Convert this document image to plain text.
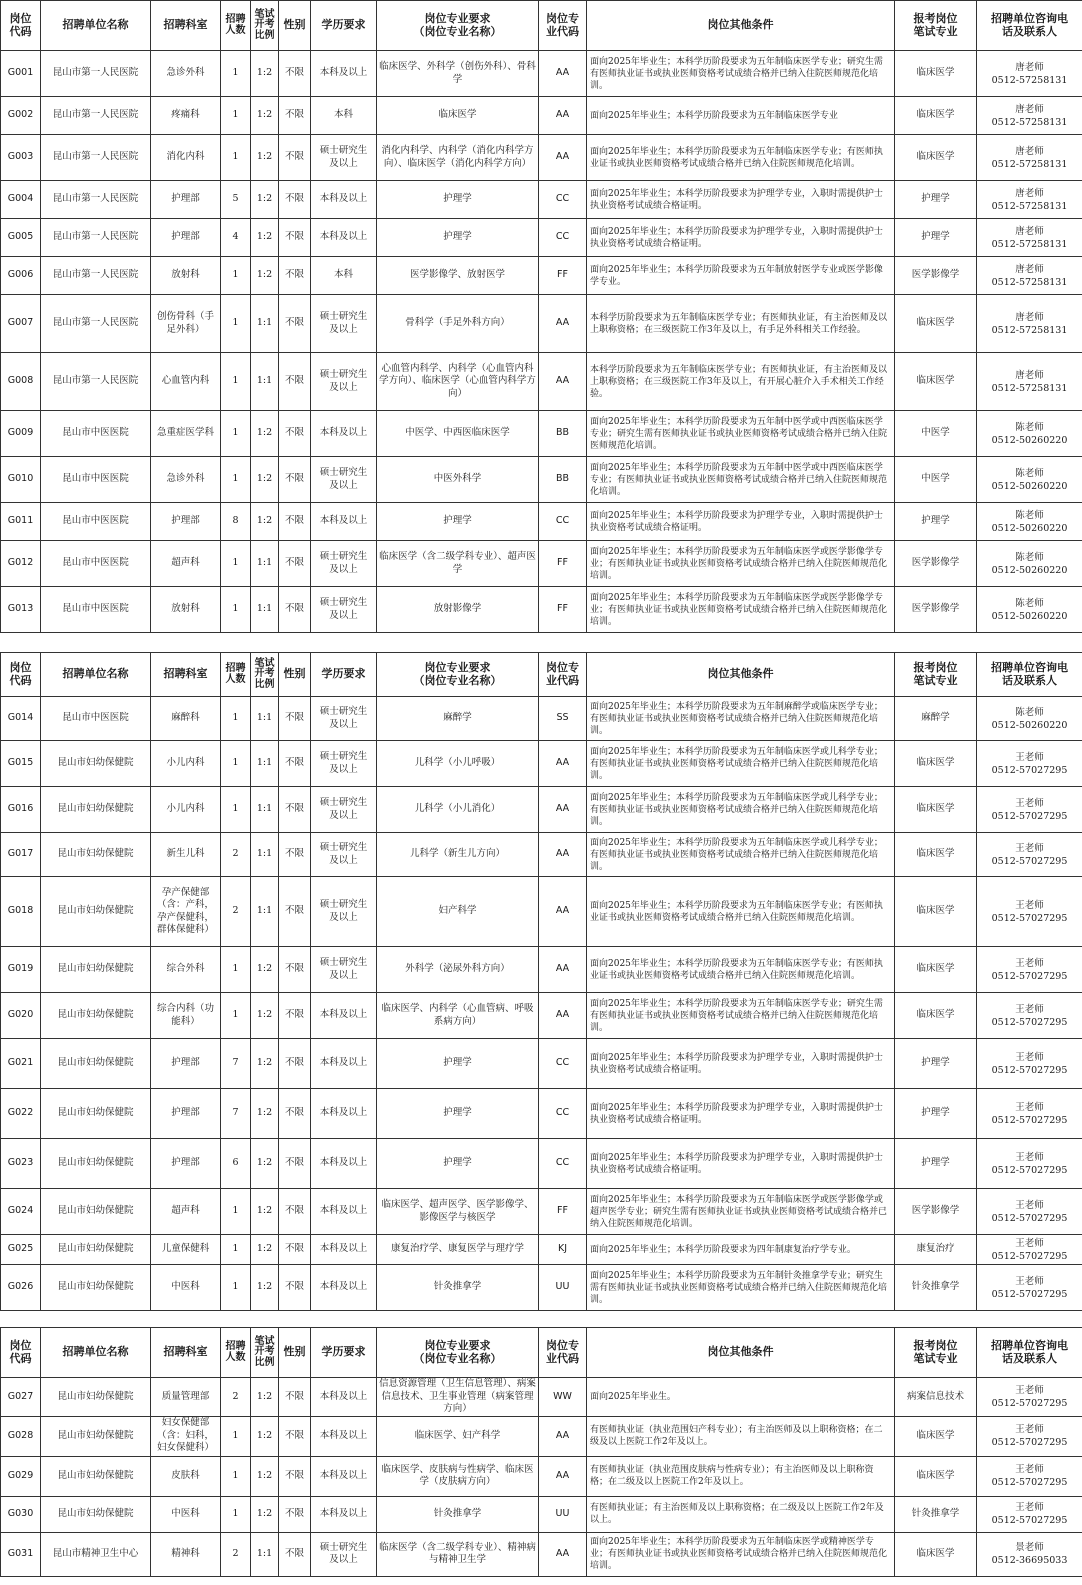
岗位
代码	招聘单位名称	招聘科室	招聘
人数	笔试
开考
比例	性别	学历要求	岗位专业要求
（岗位专业名称）	岗位专
业代码	岗位其他条件	报考岗位
笔试专业	招聘单位咨询电
话及联系人
G001	昆山市第一人民医院	急诊外科	1	1:2	不限	本科及以上	临床医学、外科学（创伤外科）、骨科学	AA	面向2025年毕业生；本科学历阶段要求为五年制临床医学专业；研究生需有医师执业证书或执业医师资格考试成绩合格并已纳入住院医师规范化培训。	临床医学	唐老师
0512-57258131
G002	昆山市第一人民医院	疼痛科	1	1:2	不限	本科	临床医学	AA	面向2025年毕业生；本科学历阶段要求为五年制临床医学专业	临床医学	唐老师
0512-57258131
G003	昆山市第一人民医院	消化内科	1	1:2	不限	硕士研究生
及以上	消化内科学、内科学（消化内科学方向）、临床医学（消化内科学方向）	AA	面向2025年毕业生；本科学历阶段要求为五年制临床医学专业；有医师执业证书或执业医师资格考试成绩合格并已纳入住院医师规范化培训。	临床医学	唐老师
0512-57258131
G004	昆山市第一人民医院	护理部	5	1:2	不限	本科及以上	护理学	CC	面向2025年毕业生；本科学历阶段要求为护理学专业，入职时需提供护士执业资格考试成绩合格证明。	护理学	唐老师
0512-57258131
G005	昆山市第一人民医院	护理部	4	1:2	不限	本科及以上	护理学	CC	面向2025年毕业生；本科学历阶段要求为护理学专业，入职时需提供护士执业资格考试成绩合格证明。	护理学	唐老师
0512-57258131
G006	昆山市第一人民医院	放射科	1	1:2	不限	本科	医学影像学、放射医学	FF	面向2025年毕业生；本科学历阶段要求为五年制放射医学专业或医学影像学专业。	医学影像学	唐老师
0512-57258131
G007	昆山市第一人民医院	创伤骨科（手足外科）	1	1:1	不限	硕士研究生
及以上	骨科学（手足外科方向）	AA	本科学历阶段要求为五年制临床医学专业；有医师执业证，有主治医师及以上职称资格；在三级医院工作3年及以上，有手足外科相关工作经验。	临床医学	唐老师
0512-57258131
G008	昆山市第一人民医院	心血管内科	1	1:1	不限	硕士研究生
及以上	心血管内科学、内科学（心血管内科学方向）、临床医学（心血管内科学方向）	AA	本科学历阶段要求为五年制临床医学专业；有医师执业证，有主治医师及以上职称资格；在三级医院工作3年及以上，有开展心脏介入手术相关工作经验。	临床医学	唐老师
0512-57258131
G009	昆山市中医医院	急重症医学科	1	1:2	不限	本科及以上	中医学、中西医临床医学	BB	面向2025年毕业生；本科学历阶段要求为五年制中医学或中西医临床医学专业；研究生需有医师执业证书或执业医师资格考试成绩合格并已纳入住院医师规范化培训。	中医学	陈老师
0512-50260220
G010	昆山市中医医院	急诊外科	1	1:2	不限	硕士研究生
及以上	中医外科学	BB	面向2025年毕业生；本科学历阶段要求为五年制中医学或中西医临床医学专业；有医师执业证书或执业医师资格考试成绩合格并已纳入住院医师规范化培训。	中医学	陈老师
0512-50260220
G011	昆山市中医医院	护理部	8	1:2	不限	本科及以上	护理学	CC	面向2025年毕业生；本科学历阶段要求为护理学专业，入职时需提供护士执业资格考试成绩合格证明。	护理学	陈老师
0512-50260220
G012	昆山市中医医院	超声科	1	1:1	不限	硕士研究生
及以上	临床医学（含二级学科专业）、超声医学	FF	面向2025年毕业生；本科学历阶段要求为五年制临床医学或医学影像学专业；有医师执业证书或执业医师资格考试成绩合格并已纳入住院医师规范化培训。	医学影像学	陈老师
0512-50260220
G013	昆山市中医医院	放射科	1	1:1	不限	硕士研究生
及以上	放射影像学	FF	面向2025年毕业生；本科学历阶段要求为五年制临床医学或医学影像学专业；有医师执业证书或执业医师资格考试成绩合格并已纳入住院医师规范化培训。	医学影像学	陈老师
0512-50260220
岗位
代码	招聘单位名称	招聘科室	招聘
人数	笔试
开考
比例	性别	学历要求	岗位专业要求
（岗位专业名称）	岗位专
业代码	岗位其他条件	报考岗位
笔试专业	招聘单位咨询电
话及联系人
G014	昆山市中医医院	麻醉科	1	1:1	不限	硕士研究生
及以上	麻醉学	SS	面向2025年毕业生；本科学历阶段要求为五年制麻醉学或临床医学专业；有医师执业证书或执业医师资格考试成绩合格并已纳入住院医师规范化培训。	麻醉学	陈老师
0512-50260220
G015	昆山市妇幼保健院	小儿内科	1	1:1	不限	硕士研究生
及以上	儿科学（小儿呼吸）	AA	面向2025年毕业生；本科学历阶段要求为五年制临床医学或儿科学专业；有医师执业证书或执业医师资格考试成绩合格并已纳入住院医师规范化培训。	临床医学	王老师
0512-57027295
G016	昆山市妇幼保健院	小儿内科	1	1:1	不限	硕士研究生
及以上	儿科学（小儿消化）	AA	面向2025年毕业生；本科学历阶段要求为五年制临床医学或儿科学专业；有医师执业证书或执业医师资格考试成绩合格并已纳入住院医师规范化培训。	临床医学	王老师
0512-57027295
G017	昆山市妇幼保健院	新生儿科	2	1:1	不限	硕士研究生
及以上	儿科学（新生儿方向）	AA	面向2025年毕业生；本科学历阶段要求为五年制临床医学或儿科学专业；有医师执业证书或执业医师资格考试成绩合格并已纳入住院医师规范化培训。	临床医学	王老师
0512-57027295
G018	昆山市妇幼保健院	孕产保健部（含：产科，孕产保健科，群体保健科）	2	1:1	不限	硕士研究生
及以上	妇产科学	AA	面向2025年毕业生；本科学历阶段要求为五年制临床医学专业；有医师执业证书或执业医师资格考试成绩合格并已纳入住院医师规范化培训。	临床医学	王老师
0512-57027295
G019	昆山市妇幼保健院	综合外科	1	1:2	不限	硕士研究生
及以上	外科学（泌尿外科方向）	AA	面向2025年毕业生；本科学历阶段要求为五年制临床医学专业；有医师执业证书或执业医师资格考试成绩合格并已纳入住院医师规范化培训。	临床医学	王老师
0512-57027295
G020	昆山市妇幼保健院	综合内科（功能科）	1	1:2	不限	本科及以上	临床医学、内科学（心血管病、呼吸系病方向）	AA	面向2025年毕业生；本科学历阶段要求为五年制临床医学专业；研究生需有医师执业证书或执业医师资格考试成绩合格并已纳入住院医师规范化培训。	临床医学	王老师
0512-57027295
G021	昆山市妇幼保健院	护理部	7	1:2	不限	本科及以上	护理学	CC	面向2025年毕业生；本科学历阶段要求为护理学专业，入职时需提供护士执业资格考试成绩合格证明。	护理学	王老师
0512-57027295
G022	昆山市妇幼保健院	护理部	7	1:2	不限	本科及以上	护理学	CC	面向2025年毕业生；本科学历阶段要求为护理学专业，入职时需提供护士执业资格考试成绩合格证明。	护理学	王老师
0512-57027295
G023	昆山市妇幼保健院	护理部	6	1:2	不限	本科及以上	护理学	CC	面向2025年毕业生；本科学历阶段要求为护理学专业，入职时需提供护士执业资格考试成绩合格证明。	护理学	王老师
0512-57027295
G024	昆山市妇幼保健院	超声科	1	1:2	不限	本科及以上	临床医学、超声医学、医学影像学、影像医学与核医学	FF	面向2025年毕业生；本科学历阶段要求为五年制临床医学或医学影像学或超声医学专业；研究生需有医师执业证书或执业医师资格考试成绩合格并已纳入住院医师规范化培训。	医学影像学	王老师
0512-57027295
G025	昆山市妇幼保健院	儿童保健科	1	1:2	不限	本科及以上	康复治疗学、康复医学与理疗学	KJ	面向2025年毕业生；本科学历阶段要求为四年制康复治疗学专业。	康复治疗	王老师
0512-57027295
G026	昆山市妇幼保健院	中医科	1	1:2	不限	本科及以上	针灸推拿学	UU	面向2025年毕业生；本科学历阶段要求为五年制针灸推拿学专业；研究生需有医师执业证书或执业医师资格考试成绩合格并已纳入住院医师规范化培训。	针灸推拿学	王老师
0512-57027295
岗位
代码	招聘单位名称	招聘科室	招聘
人数	笔试
开考
比例	性别	学历要求	岗位专业要求
（岗位专业名称）	岗位专
业代码	岗位其他条件	报考岗位
笔试专业	招聘单位咨询电
话及联系人
G027	昆山市妇幼保健院	质量管理部	2	1:2	不限	本科及以上	信息资源管理（卫生信息管理）、病案信息技术、卫生事业管理（病案管理方向）	WW	面向2025年毕业生。	病案信息技术	王老师
0512-57027295
G028	昆山市妇幼保健院	妇女保健部（含：妇科，妇女保健科）	1	1:2	不限	本科及以上	临床医学、妇产科学	AA	有医师执业证（执业范围妇产科专业）；有主治医师及以上职称资格；在二级及以上医院工作2年及以上。	临床医学	王老师
0512-57027295
G029	昆山市妇幼保健院	皮肤科	1	1:2	不限	本科及以上	临床医学、皮肤病与性病学、临床医学（皮肤病方向）	AA	有医师执业证（执业范围皮肤病与性病专业）；有主治医师及以上职称资格；在二级及以上医院工作2年及以上。	临床医学	王老师
0512-57027295
G030	昆山市妇幼保健院	中医科	1	1:2	不限	本科及以上	针灸推拿学	UU	有医师执业证；有主治医师及以上职称资格；在二级及以上医院工作2年及以上。	针灸推拿学	王老师
0512-57027295
G031	昆山市精神卫生中心	精神科	2	1:1	不限	硕士研究生
及以上	临床医学（含二级学科专业）、精神病与精神卫生学	AA	面向2025年毕业生；本科学历阶段要求为五年制临床医学或精神医学专业；有医师执业证书或执业医师资格考试成绩合格并已纳入住院医师规范化培训。	临床医学	景老师
0512-36695033
